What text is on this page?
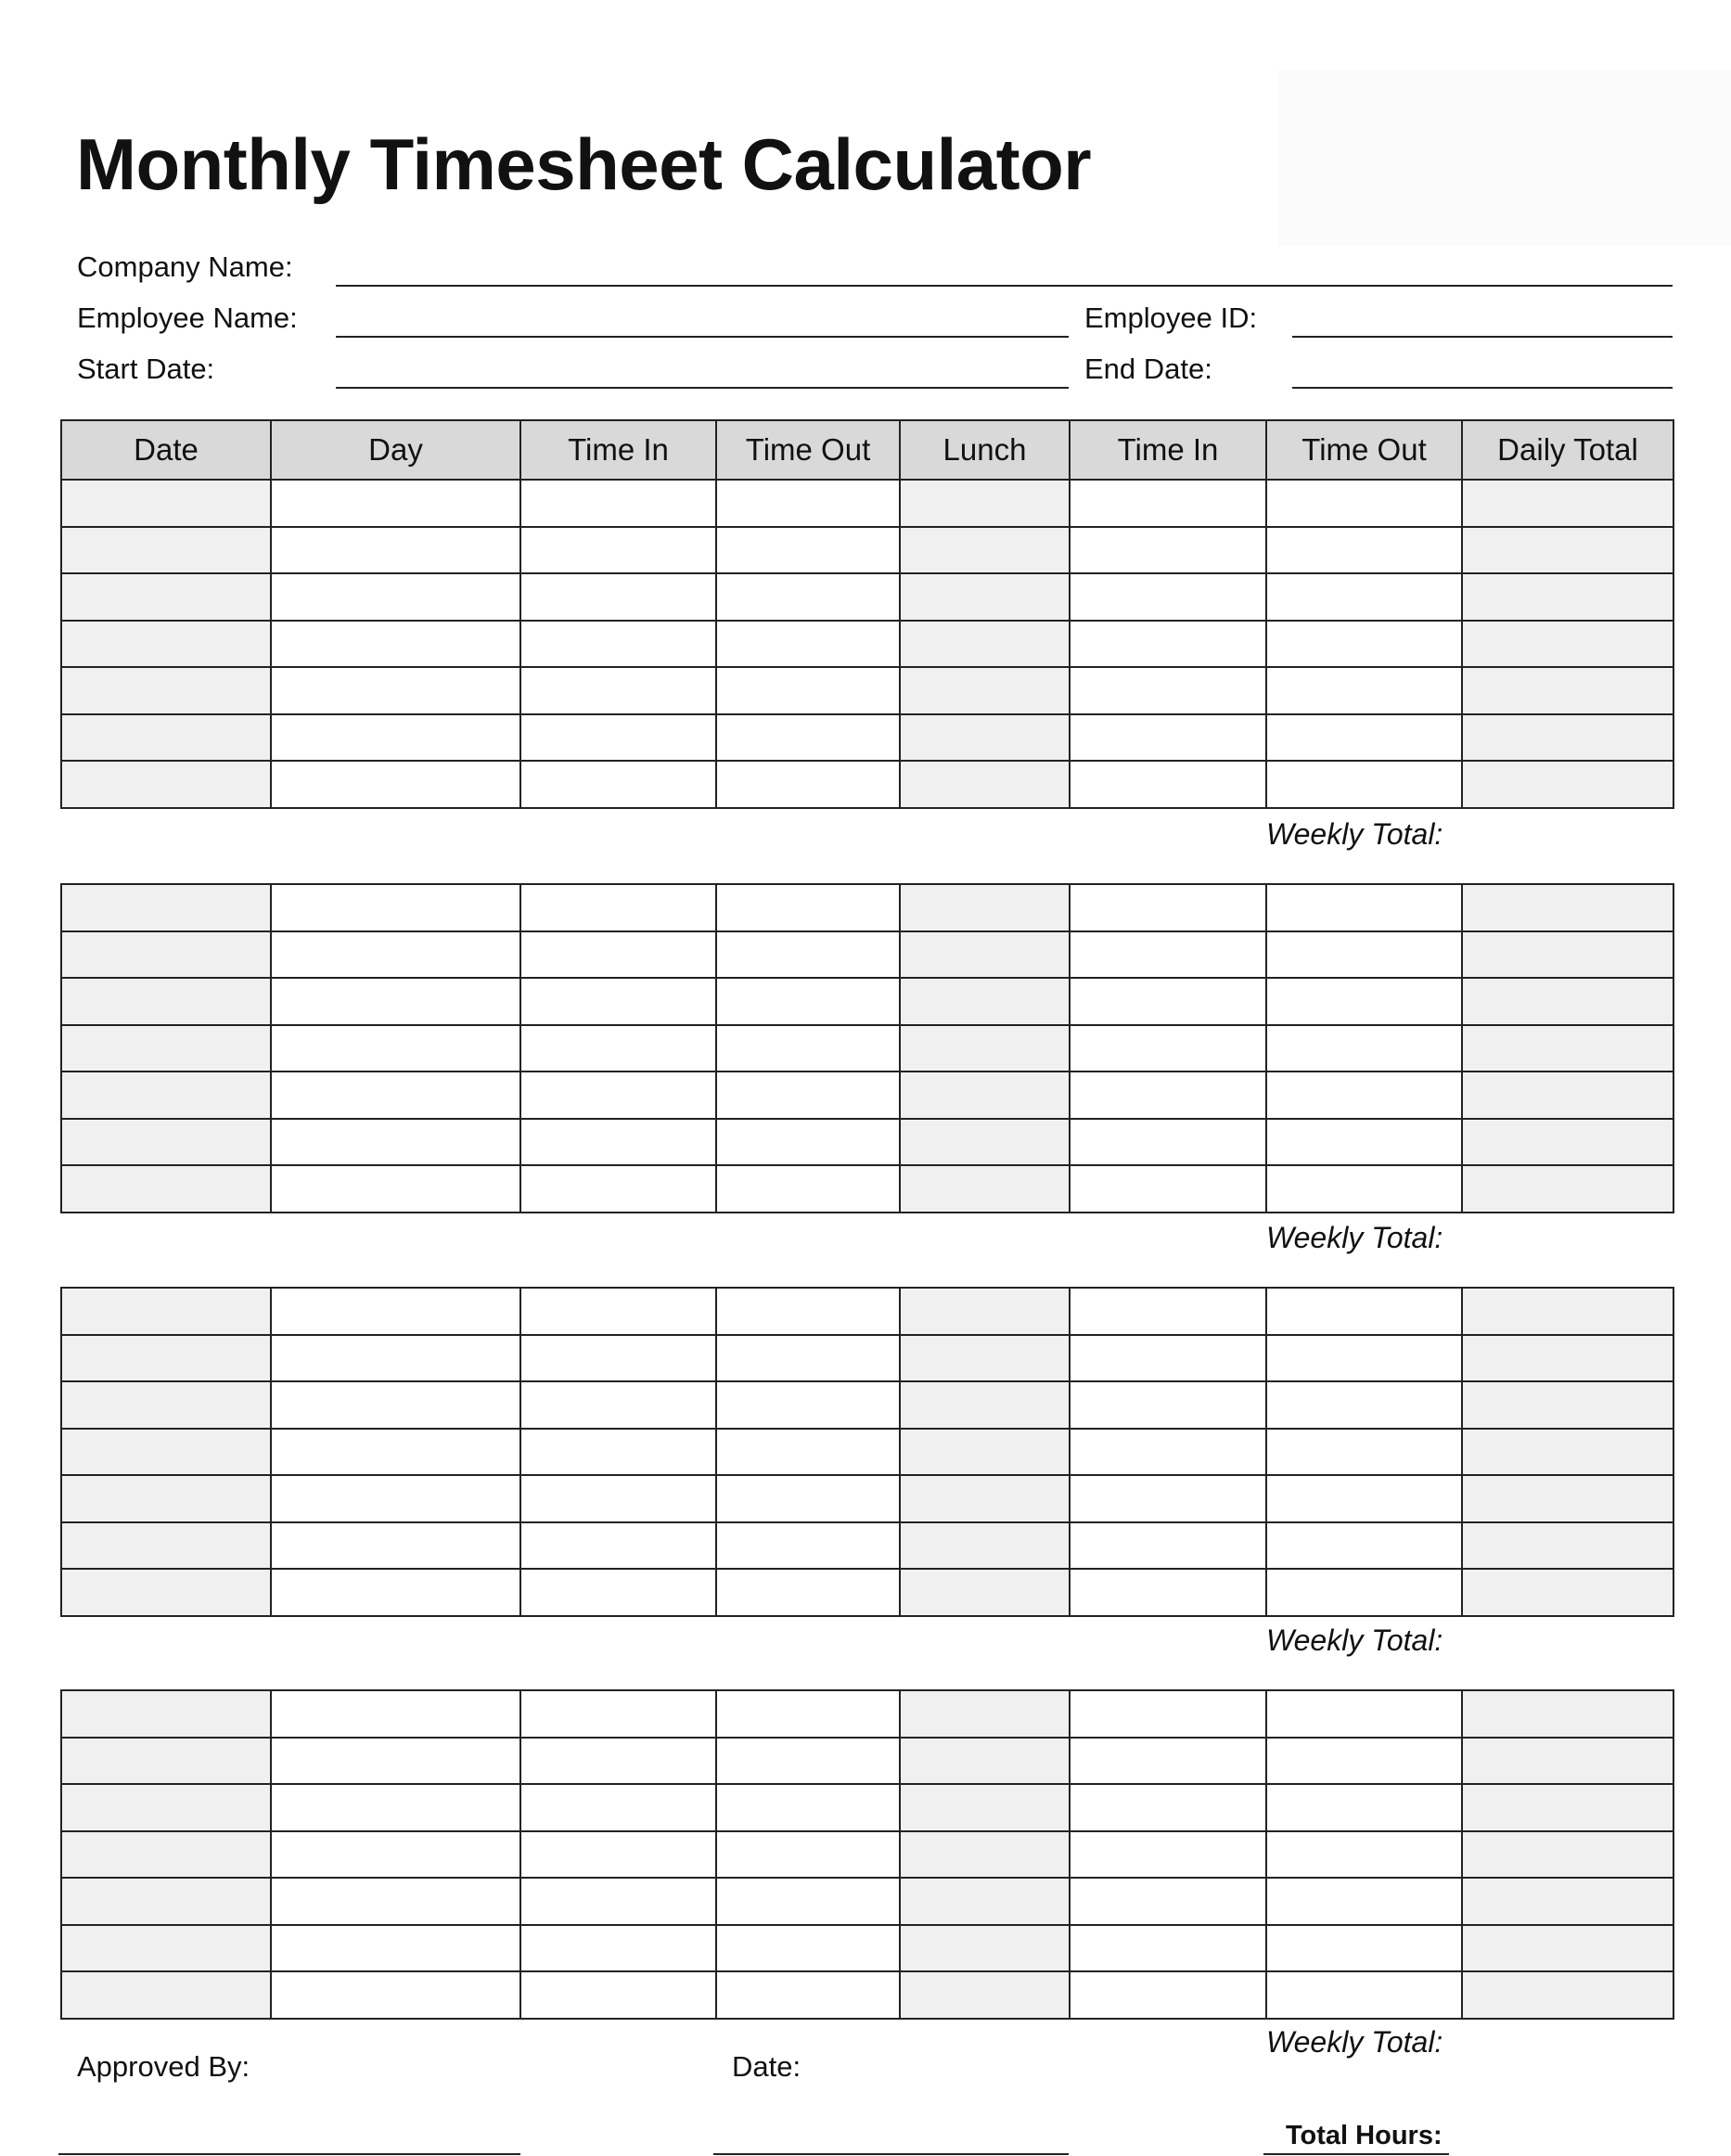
Monthly Timesheet Calculator
Company Name:
Employee Name:	Employee ID:
Start Date:	End Date:
Date	Day	Time In	Time Out	Lunch	Time In	Time Out	Daily Total

Weekly Total:

Weekly Total:

Weekly Total:

Weekly Total:
Approved By:	Date:
Total Hours:
